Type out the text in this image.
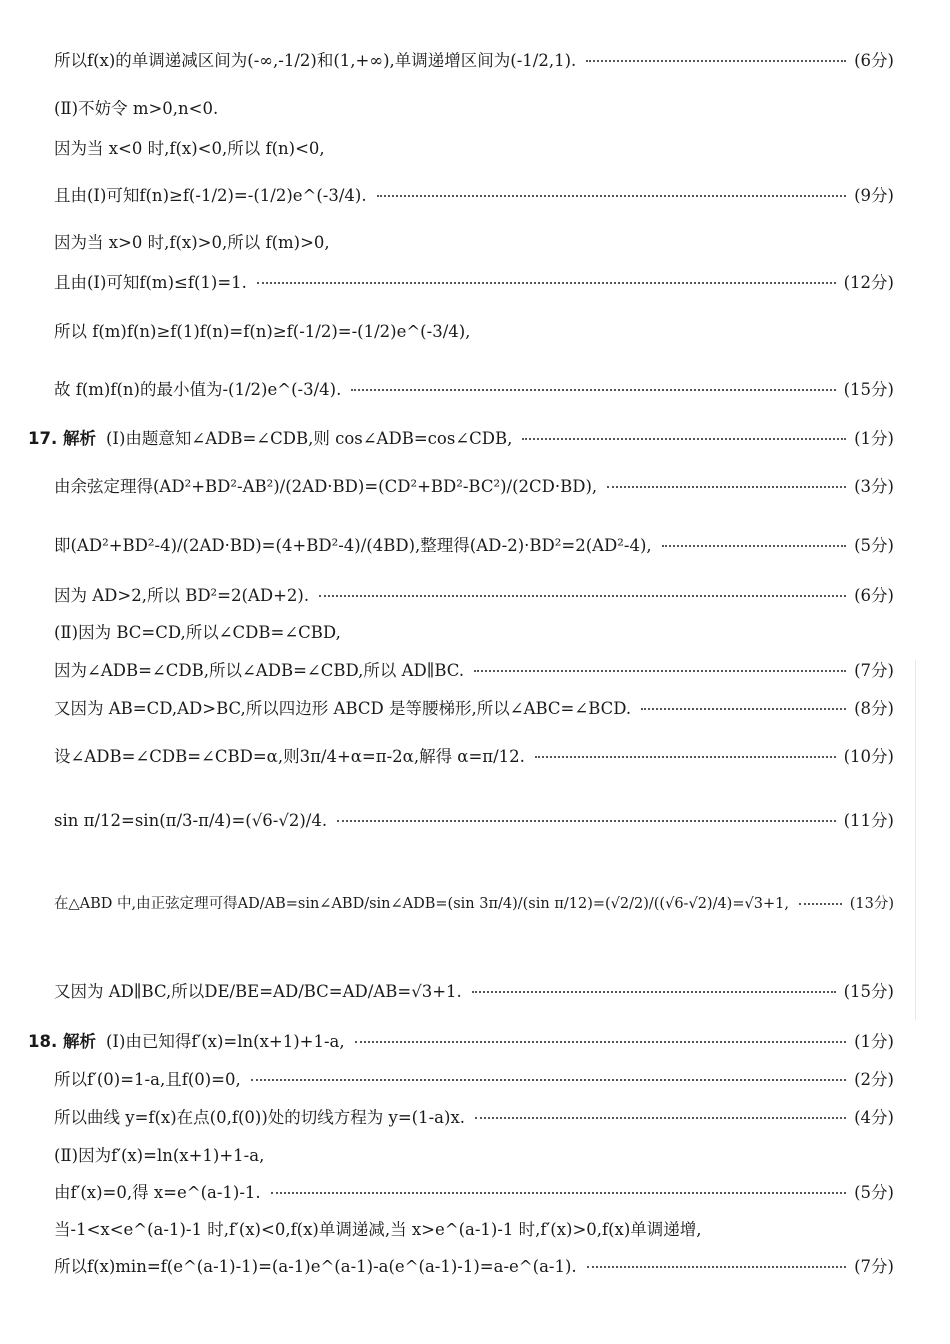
所以f(x)的单调递减区间为(-∞,-1/2)和(1,+∞),单调递增区间为(-1/2,1).	(6分)
(Ⅱ)不妨令 m>0,n<0.
因为当 x<0 时,f(x)<0,所以 f(n)<0,
且由(Ⅰ)可知f(n)≥f(-1/2)=-(1/2)e^(-3/4).	(9分)
因为当 x>0 时,f(x)>0,所以 f(m)>0,
且由(Ⅰ)可知f(m)≤f(1)=1.	(12分)
所以 f(m)f(n)≥f(1)f(n)=f(n)≥f(-1/2)=-(1/2)e^(-3/4),
故 f(m)f(n)的最小值为-(1/2)e^(-3/4).	(15分)
17. 解析 (Ⅰ)由题意知∠ADB=∠CDB,则 cos∠ADB=cos∠CDB,	(1分)
由余弦定理得(AD²+BD²-AB²)/(2AD·BD)=(CD²+BD²-BC²)/(2CD·BD),	(3分)
即(AD²+BD²-4)/(2AD·BD)=(4+BD²-4)/(4BD),整理得(AD-2)·BD²=2(AD²-4),	(5分)
因为 AD>2,所以 BD²=2(AD+2).	(6分)
(Ⅱ)因为 BC=CD,所以∠CDB=∠CBD,
因为∠ADB=∠CDB,所以∠ADB=∠CBD,所以 AD∥BC.	(7分)
又因为 AB=CD,AD>BC,所以四边形 ABCD 是等腰梯形,所以∠ABC=∠BCD.	(8分)
设∠ADB=∠CDB=∠CBD=α,则3π/4+α=π-2α,解得 α=π/12.	(10分)
sin π/12=sin(π/3-π/4)=(√6-√2)/4.	(11分)
在△ABD 中,由正弦定理可得AD/AB=sin∠ABD/sin∠ADB=(sin 3π/4)/(sin π/12)=(√2/2)/((√6-√2)/4)=√3+1,	(13分)
又因为 AD∥BC,所以DE/BE=AD/BC=AD/AB=√3+1.	(15分)
18. 解析 (Ⅰ)由已知得f′(x)=ln(x+1)+1-a,	(1分)
所以f′(0)=1-a,且f(0)=0,	(2分)
所以曲线 y=f(x)在点(0,f(0))处的切线方程为 y=(1-a)x.	(4分)
(Ⅱ)因为f′(x)=ln(x+1)+1-a,
由f′(x)=0,得 x=e^(a-1)-1.	(5分)
当-1<x<e^(a-1)-1 时,f′(x)<0,f(x)单调递减,当 x>e^(a-1)-1 时,f′(x)>0,f(x)单调递增,
所以f(x)min=f(e^(a-1)-1)=(a-1)e^(a-1)-a(e^(a-1)-1)=a-e^(a-1).	(7分)
